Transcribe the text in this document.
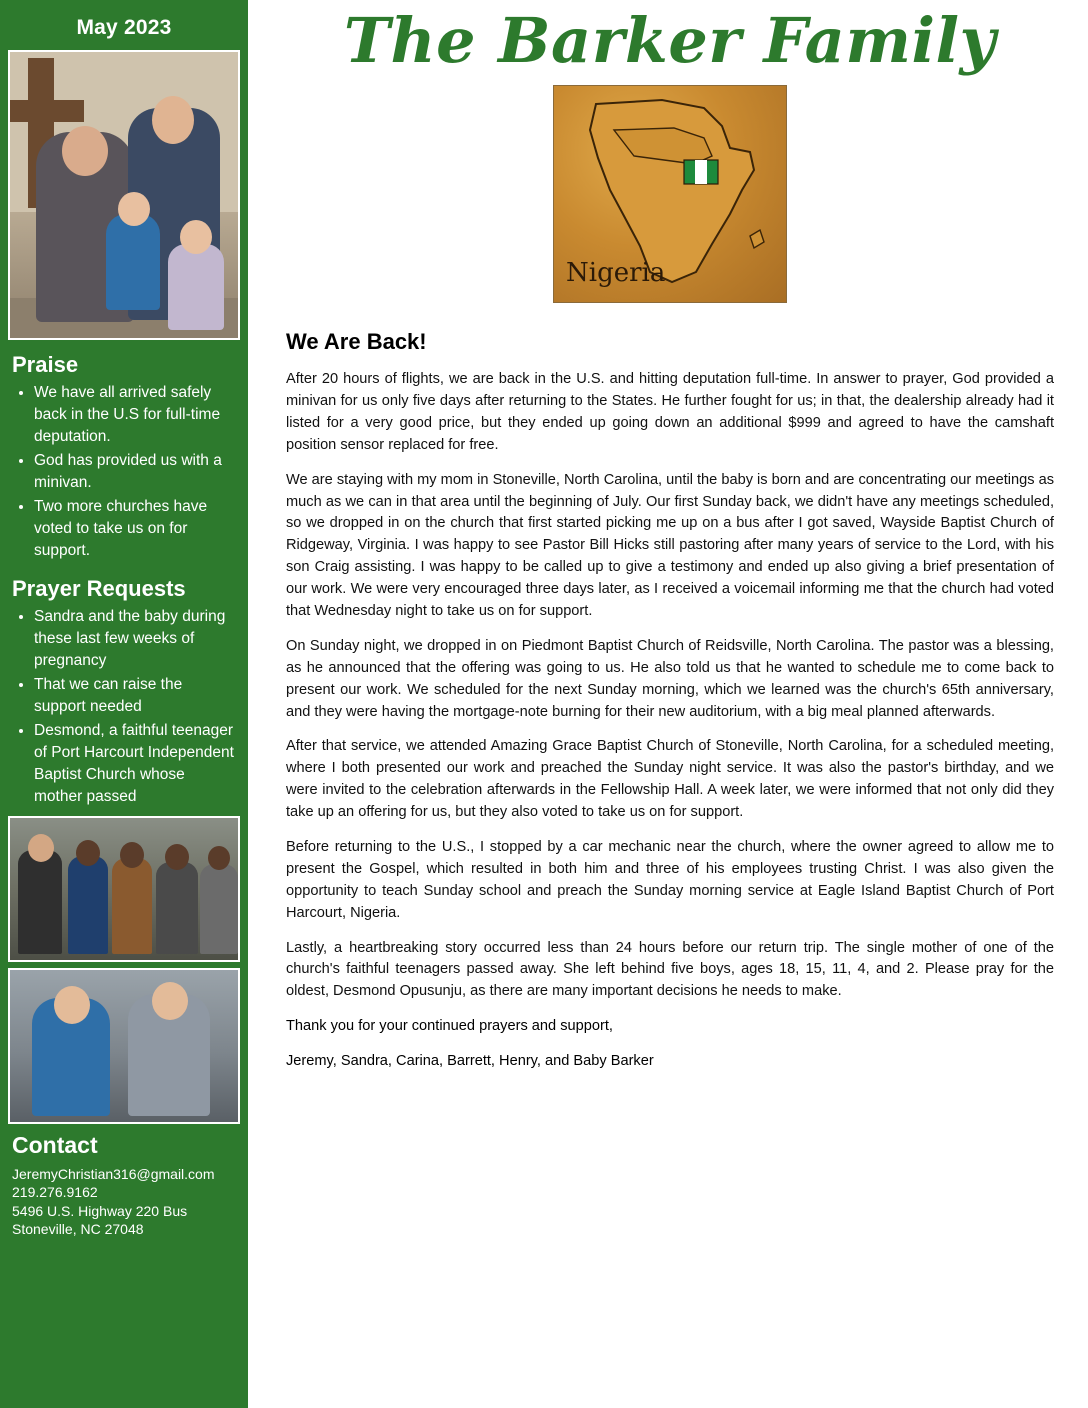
May 2023
Praise
• We have all arrived safely back in the U.S for full-time deputation.
• God has provided us with a minivan.
• Two more churches have voted to take us on for support.
Prayer Requests
• Sandra and the baby during these last few weeks of pregnancy
• That we can raise the support needed
• Desmond, a faithful teenager of Port Harcourt Independent Baptist Church whose mother passed
Contact
JeremyChristian316@gmail.com
219.276.9162
5496 U.S. Highway 220 Bus
Stoneville, NC 27048
The Barker Family
Nigeria
We Are Back!

After 20 hours of flights, we are back in the U.S. and hitting deputation full-time. In answer to prayer, God provided a minivan for us only five days after returning to the States. He further fought for us; in that, the dealership already had it listed for a very good price, but they ended up going down an additional $999 and agreed to have the camshaft position sensor replaced for free.

We are staying with my mom in Stoneville, North Carolina, until the baby is born and are concentrating our meetings as much as we can in that area until the beginning of July. Our first Sunday back, we didn't have any meetings scheduled, so we dropped in on the church that first started picking me up on a bus after I got saved, Wayside Baptist Church of Ridgeway, Virginia. I was happy to see Pastor Bill Hicks still pastoring after many years of service to the Lord, with his son Craig assisting. I was happy to be called up to give a testimony and ended up also giving a brief presentation of our work. We were very encouraged three days later, as I received a voicemail informing me that the church had voted that Wednesday night to take us on for support.

On Sunday night, we dropped in on Piedmont Baptist Church of Reidsville, North Carolina. The pastor was a blessing, as he announced that the offering was going to us. He also told us that he wanted to schedule me to come back to present our work. We scheduled for the next Sunday morning, which we learned was the church's 65th anniversary, and they were having the mortgage-note burning for their new auditorium, with a big meal planned afterwards.

After that service, we attended Amazing Grace Baptist Church of Stoneville, North Carolina, for a scheduled meeting, where I both presented our work and preached the Sunday night service. It was also the pastor's birthday, and we were invited to the celebration afterwards in the Fellowship Hall. A week later, we were informed that not only did they take up an offering for us, but they also voted to take us on for support.

Before returning to the U.S., I stopped by a car mechanic near the church, where the owner agreed to allow me to present the Gospel, which resulted in both him and three of his employees trusting Christ. I was also given the opportunity to teach Sunday school and preach the Sunday morning service at Eagle Island Baptist Church of Port Harcourt, Nigeria.

Lastly, a heartbreaking story occurred less than 24 hours before our return trip. The single mother of one of the church's faithful teenagers passed away. She left behind five boys, ages 18, 15, 11, 4, and 2. Please pray for the oldest, Desmond Opusunju, as there are many important decisions he needs to make.

Thank you for your continued prayers and support,

Jeremy, Sandra, Carina, Barrett, Henry, and Baby Barker
